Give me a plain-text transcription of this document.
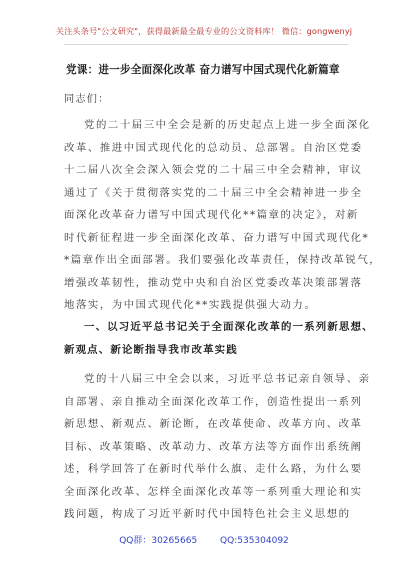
关注头条号"公文研究"，获得最新最全最专业的公文资料库！ 微信：gongwenyj
党课：进一步全面深化改革 奋力谱写中国式现代化新篇章
同志们：
党的二十届三中全会是新的历史起点上进一步全面深化
改革、推进中国式现代化的总动员、总部署。自治区党委
十二届八次全会深入领会党的二十届三中全会精神，审议
通过了《关于贯彻落实党的二十届三中全会精神进一步全
面深化改革奋力谱写中国式现代化**篇章的决定》，对新
时代新征程进一步全面深化改革、奋力谱写中国式现代化*
*篇章作出全面部署。我们要强化改革责任，保持改革锐气，
增强改革韧性，推动党中央和自治区党委改革决策部署落
地落实，为中国式现代化**实践提供强大动力。
一、以习近平总书记关于全面深化改革的一系列新思想、
新观点、新论断指导我市改革实践
党的十八届三中全会以来，习近平总书记亲自领导、亲
自部署、亲自推动全面深化改革工作，创造性提出一系列
新思想、新观点、新论断，在改革使命、改革方向、改革
目标、改革策略、改革动力、改革方法等方面作出系统阐
述，科学回答了在新时代举什么旗、走什么路，为什么要
全面深化改革、怎样全面深化改革等一系列重大理论和实
践问题，构成了习近平新时代中国特色社会主义思想的
QQ群：30265665	QQ:535304092
